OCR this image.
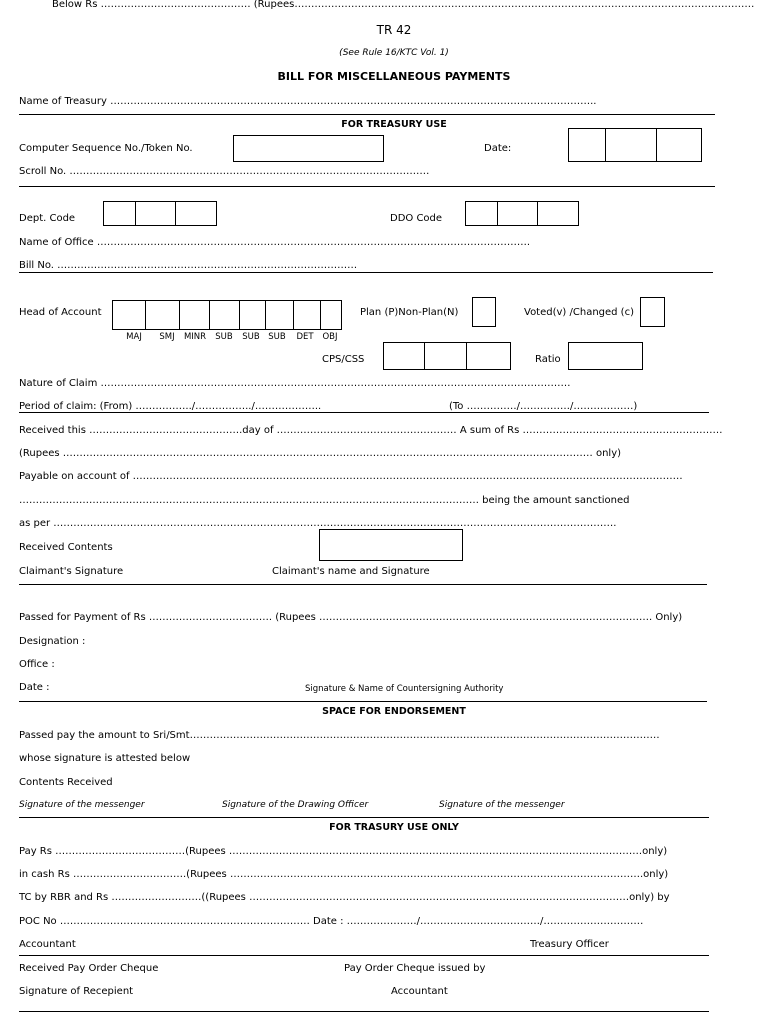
Below Rs ……………………………………… (Rupees…………………………………………………………………………………………………………………………
TR 42
(See Rule 16/KTC Vol. 1)
BILL FOR MISCELLANEOUS PAYMENTS
Name of Treasury ………………………………………………………………………………………………………………………………..
FOR TREASURY USE
Computer Sequence No./Token No.	Date:
Scroll No. ………………………………………………………………………………………………
Dept. Code	DDO Code
Name of Office ………………………………………………………………………………………………………………….
Bill No. ………………………………………………………………………………
Head of Account
MAJ SMJ MINR SUB SUB SUB DET OBJ
Plan (P)Non-Plan(N)	Voted(v) /Changed (c)
CPS/CSS	Ratio
Nature of Claim ……………………………………………………………………………………………………………………………
Period of claim: (From) ……………../……………../………………..	(To ……………/……………/………………)
Received this ……………………………………….day of ……………………………………………… A sum of Rs ……………………………………………………
(Rupees …………………………………………………………………………………………………………………………………………… only)
Payable on account of …………………………………………………………………………………………………………………………………………………
………………………………………………………………………………………………………………………… being the amount sanctioned
as per …………………………………………………………………………………………………………………………………………………….
Received Contents
Claimant's Signature	Claimant's name and Signature
Passed for Payment of Rs ………………………………. (Rupees ………………………………………………………………………………………. Only)
Designation :
Office :
Date :	Signature & Name of Countersigning Authority
SPACE FOR ENDORSEMENT
Passed pay the amount to Sri/Smt……………………………………………………………………………………………………………………………
whose signature is attested below
Contents Received
Signature of the messenger	Signature of the Drawing Officer	Signature of the messenger
FOR TRASURY USE ONLY
Pay Rs …………………………………(Rupees …………………………………………………………………………………………………………….only)
in cash Rs …………………………….(Rupees …………………………………………………………………………………………………………….only)
TC by RBR and Rs ………………………((Rupees ……………………………………………………………………………………………………only) by
POC No ………………………………………………………………… Date : …………………/………………………………/…………………………
Accountant	Treasury Officer
Received Pay Order Cheque	Pay Order Cheque issued by
Signature of Recepient	Accountant
